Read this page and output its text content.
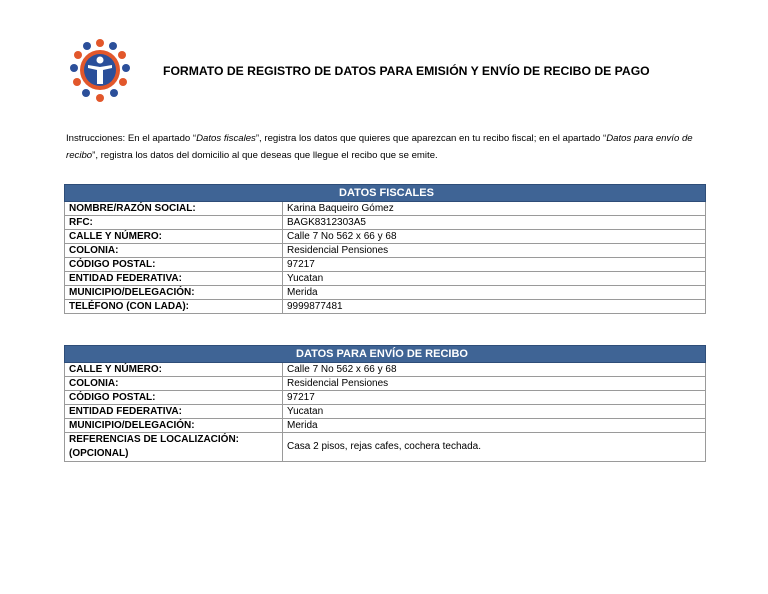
FORMATO DE REGISTRO DE DATOS PARA EMISIÓN Y ENVÍO DE RECIBO DE PAGO
Instrucciones: En el apartado “Datos fiscales”, registra los datos que quieres que aparezcan en tu recibo fiscal; en el apartado “Datos para envío de recibo”, registra los datos del domicilio al que deseas que llegue el recibo que se emite.
DATOS FISCALES	

NOMBRE/RAZÓN SOCIAL:	Karina Baqueiro Gómez
RFC:	BAGK8312303A5
CALLE Y NÚMERO:	Calle 7 No 562 x 66 y 68
COLONIA:	Residencial Pensiones
CÓDIGO POSTAL:	97217
ENTIDAD FEDERATIVA:	Yucatan
MUNICIPIO/DELEGACIÓN:	Merida
TELÉFONO (CON LADA):	9999877481
DATOS PARA ENVÍO DE RECIBO	

CALLE Y NÚMERO:	Calle 7 No 562 x 66 y 68
COLONIA:	Residencial Pensiones
CÓDIGO POSTAL:	97217
ENTIDAD FEDERATIVA:	Yucatan
MUNICIPIO/DELEGACIÓN:	Merida
REFERENCIAS DE LOCALIZACIÓN: (OPCIONAL)	Casa 2 pisos, rejas cafes, cochera techada.
